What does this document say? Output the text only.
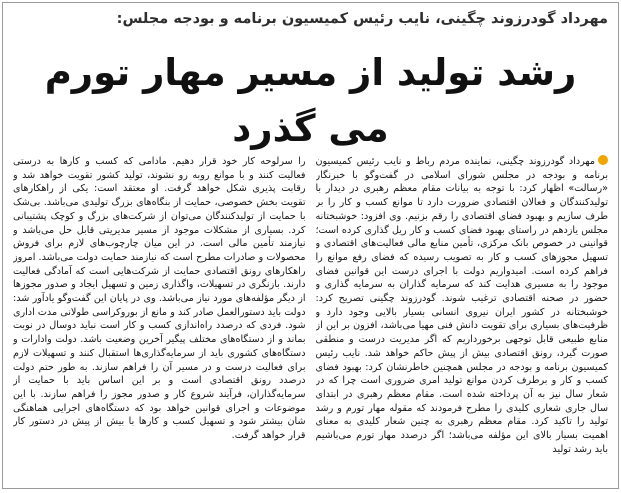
مهرداد گودرزوند چگینی، نایب رئیس کمیسیون برنامه و بودجه مجلس:
رشد تولید از مسیر مهار تورم
می گذرد

مهرداد گودرزوند چگینی، نماینده مردم رباط و نایب رئیس کمیسیون برنامه و بودجه در مجلس شورای اسلامی در گفت‌وگو با خبرنگار «رسالت» اظهار کرد: با توجه به بیانات مقام معظم رهبری در دیدار با تولیدکنندگان و فعالان اقتصادی ضرورت دارد تا موانع کسب و کار را بر طرف سازیم و بهبود فضای اقتصادی را رقم بزنیم. وی افزود: خوشبختانه مجلس یازدهم در راستای بهبود فضای کسب و کار ریل گذاری کرده است؛ قوانینی در خصوص بانک مرکزی، تأمین منابع مالی فعالیت‌های اقتصادی و تسهیل مجوزهای کسب و کار به تصویب رسیده که فضای رفع موانع را فراهم کرده است. امیدواریم دولت با اجرای درست این قوانین فضای موجود را به مسیری هدایت کند که سرمایه گذاران به سرمایه گذاری و حضور در صحنه اقتصادی ترغیب شوند. گودرزوند چگینی تصریح کرد: خوشبختانه در کشور ایران نیروی انسانی بسیار بالایی وجود دارد و ظرفیت‌های بسیاری برای تقویت دانش فنی مهیا می‌باشد، افزون بر این از منابع طبیعی قابل توجهی برخورداریم که اگر مدیریت درست و منطقی صورت گیرد، رونق اقتصادی بیش از پیش حاکم خواهد شد. نایب رئیس کمیسیون برنامه و بودجه در مجلس همچنین خاطرنشان کرد: بهبود فضای کسب و کار و برطرف کردن موانع تولید امری ضروری است چرا که در شعار سال نیز به آن پرداخته شده است. مقام معظم رهبری در ابتدای سال جاری شعاری کلیدی را مطرح فرمودند که مقوله مهار تورم و رشد تولید را تاکید کرد. مقام معظم رهبری به چنین شعار کلیدی به معنای اهمیت بسیار بالای این مؤلفه می‌باشد؛ اگر درصدد مهار تورم می‌باشیم باید رشد تولید

را سرلوحه کار خود قرار دهیم. مادامی که کسب و کارها به درستی فعالیت کنند و با موانع روبه رو نشوند، تولید کشور تقویت خواهد شد و رقابت پذیری شکل خواهد گرفت. او معتقد است: یکی از راهکارهای تقویت بخش خصوصی، حمایت از بنگاه‌های بزرگ تولیدی می‌باشد. بی‌شک با حمایت از تولیدکنندگان می‌توان از شرکت‌های بزرگ و کوچک پشتیبانی کرد. بسیاری از مشکلات موجود از مسیر مدیریتی قابل حل می‌باشد و نیازمند تأمین مالی است. در این میان چارچوب‌های لازم برای فروش محصولات و صادرات مطرح است که نیازمند حمایت دولت می‌باشد. امروز راهکارهای رونق اقتصادی حمایت از شرکت‌هایی است که آمادگی فعالیت دارند. بازنگری در تسهیلات، واگذاری زمین و تسهیل ایجاد و صدور مجوزها از دیگر مؤلفه‌های مورد نیاز می‌باشد. وی در پایان این گفت‌وگو یادآور شد: دولت باید دستورالعمل صادر کند و مانع از بوروکراسی طولانی مدت اداری شود. فردی که درصدد راه‌اندازی کسب و کار است نباید دوسال در نوبت بماند و از دستگاه‌های مختلف پیگیر آخرین وضعیت باشد. دولت وادارات و دستگاه‌های کشوری باید از سرمایه‌گذاری‌ها استقبال کنند و تسهیلات لازم برای فعالیت درست و در مسیر آن را فراهم سازند. به طور حتم دولت درصدد رونق اقتصادی است و بر این اساس باید با حمایت از سرمایه‌گذاران، فرآیند شروع کار و صدور مجوز را فراهم سازند. با این موضوعات و اجرای قوانین خواهد بود که دستگاه‌های اجرایی هماهنگی شان بیشتر شود و تسهیل کسب و کارها با بیش از پیش در دستور کار قرار خواهد گرفت.
